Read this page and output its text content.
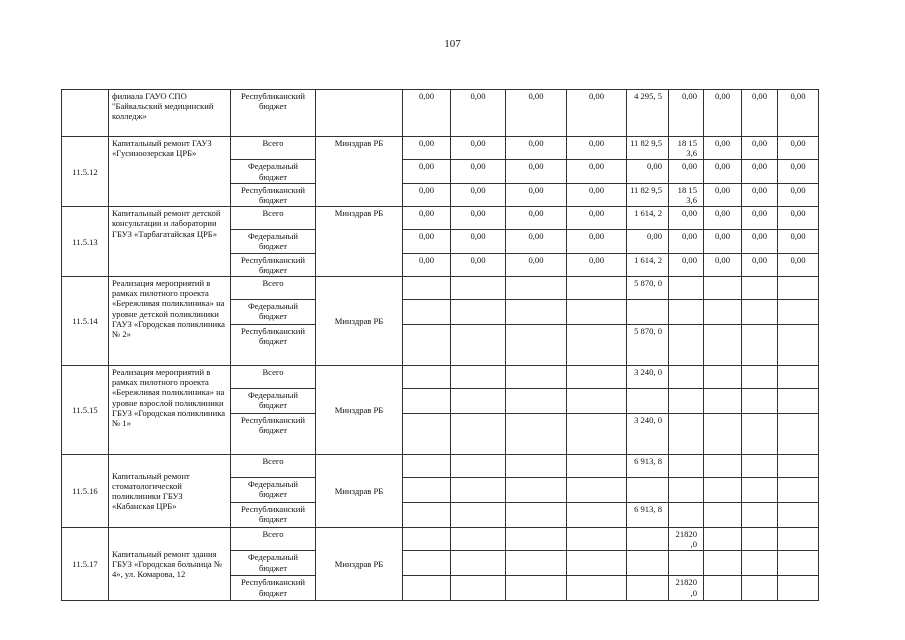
107
	филиала ГАУО СПО "Байкальский медицинский колледж»	Республиканский бюджет		0,00	0,00	0,00	0,00	4 295, 5	0,00	0,00	0,00	0,00
11.5.12	Капитальный ремонт ГАУЗ «Гусиноозерская ЦРБ»	Всего	Минздрав РБ	0,00	0,00	0,00	0,00	11 82 9,5	18 15 3,6	0,00	0,00	0,00
		Федеральный бюджет		0,00	0,00	0,00	0,00	0,00	0,00	0,00	0,00	0,00
		Республиканский бюджет		0,00	0,00	0,00	0,00	11 82 9,5	18 15 3,6	0,00	0,00	0,00
11.5.13	Капитальный ремонт детской консультации и лаборатории ГБУЗ «Тарбагатайская ЦРБ»	Всего	Минздрав РБ	0,00	0,00	0,00	0,00	1 614, 2	0,00	0,00	0,00	0,00
		Федеральный бюджет		0,00	0,00	0,00	0,00	0,00	0,00	0,00	0,00	0,00
		Республиканский бюджет		0,00	0,00	0,00	0,00	1 614, 2	0,00	0,00	0,00	0,00
11.5.14	Реализация мероприятий в рамках пилотного проекта «Бережливая поликлиника» на уровне детской поликлиники ГАУЗ «Городская поликлиника № 2»	Всего	Минздрав РБ					5 870, 0				
		Федеральный бюджет										
		Республиканский бюджет						5 870, 0				
11.5.15	Реализация мероприятий в рамках пилотного проекта «Бережливая поликлиника» на уровне взрослой поликлиники ГБУЗ «Городская поликлиника № 1»	Всего	Минздрав РБ					3 240, 0				
		Федеральный бюджет										
		Республиканский бюджет						3 240, 0				
11.5.16	Капитальный ремонт стоматологической поликлиники ГБУЗ «Кабанская ЦРБ»	Всего	Минздрав РБ					6 913, 8				
		Федеральный бюджет										
		Республиканский бюджет						6 913, 8				
11.5.17	Капитальный ремонт здания ГБУЗ «Городская больница № 4», ул. Комарова, 12	Всего	Минздрав РБ						21820 ,0			
		Федеральный бюджет										
		Республиканский бюджет							21820 ,0			
